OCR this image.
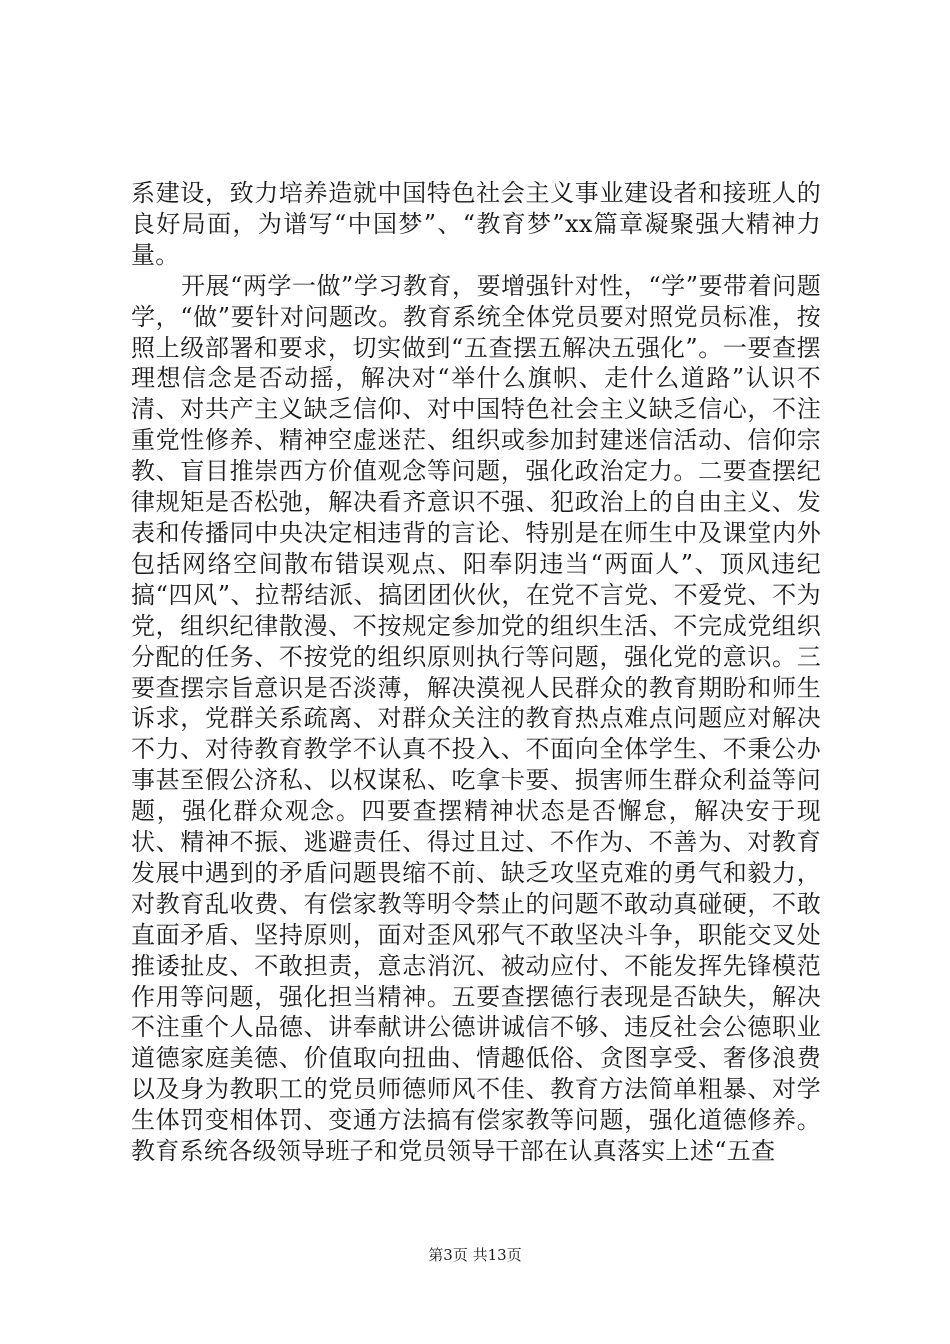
系建设，致力培养造就中国特色社会主义事业建设者和接班人的良好局面，为谱写“中国梦”、“教育梦”xx篇章凝聚强大精神力量。

开展“两学一做”学习教育，要增强针对性，“学”要带着问题学，“做”要针对问题改。教育系统全体党员要对照党员标准，按照上级部署和要求，切实做到“五查摆五解决五强化”。一要查摆理想信念是否动摇，解决对“举什么旗帜、走什么道路”认识不清、对共产主义缺乏信仰、对中国特色社会主义缺乏信心，不注重党性修养、精神空虚迷茫、组织或参加封建迷信活动、信仰宗教、盲目推崇西方价值观念等问题，强化政治定力。二要查摆纪律规矩是否松弛，解决看齐意识不强、犯政治上的自由主义、发表和传播同中央决定相违背的言论、特别是在师生中及课堂内外包括网络空间散布错误观点、阳奉阴违当“两面人”、顶风违纪搞“四风”、拉帮结派、搞团团伙伙，在党不言党、不爱党、不为党，组织纪律散漫、不按规定参加党的组织生活、不完成党组织分配的任务、不按党的组织原则执行等问题，强化党的意识。三要查摆宗旨意识是否淡薄，解决漠视人民群众的教育期盼和师生诉求，党群关系疏离、对群众关注的教育热点难点问题应对解决不力、对待教育教学不认真不投入、不面向全体学生、不秉公办事甚至假公济私、以权谋私、吃拿卡要、损害师生群众利益等问题，强化群众观念。四要查摆精神状态是否懈怠，解决安于现状、精神不振、逃避责任、得过且过、不作为、不善为、对教育发展中遇到的矛盾问题畏缩不前、缺乏攻坚克难的勇气和毅力，对教育乱收费、有偿家教等明令禁止的问题不敢动真碰硬，不敢直面矛盾、坚持原则，面对歪风邪气不敢坚决斗争，职能交叉处推诿扯皮、不敢担责，意志消沉、被动应付、不能发挥先锋模范作用等问题，强化担当精神。五要查摆德行表现是否缺失，解决不注重个人品德、讲奉献讲公德讲诚信不够、违反社会公德职业道德家庭美德、价值取向扭曲、情趣低俗、贪图享受、奢侈浪费以及身为教职工的党员师德师风不佳、教育方法简单粗暴、对学生体罚变相体罚、变通方法搞有偿家教等问题，强化道德修养。教育系统各级领导班子和党员领导干部在认真落实上述“五查

第3页 共13页
